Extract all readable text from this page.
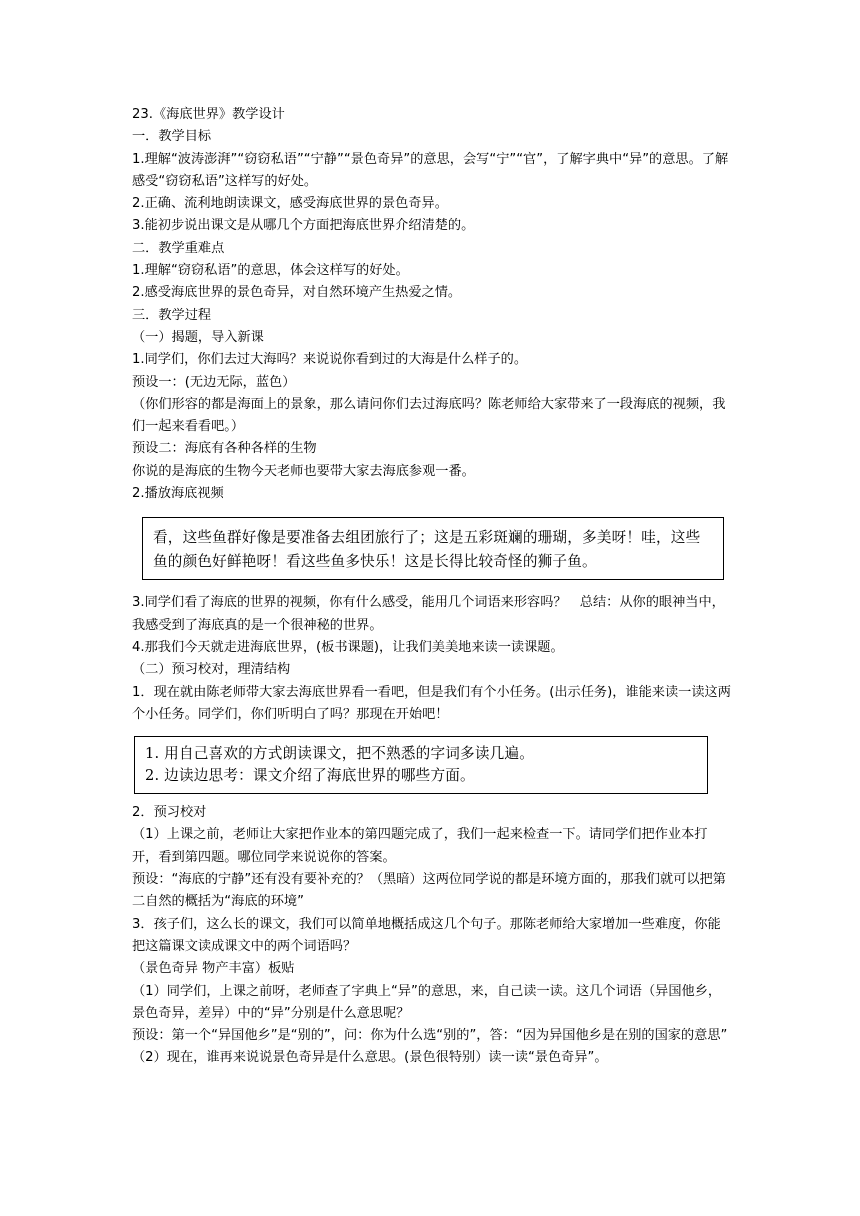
23.《海底世界》教学设计

一．教学目标

1.理解“波涛澎湃”“窃窃私语”“宁静”“景色奇异”的意思，会写“宁”“官”，了解字典中“异”的意思。了解感受“窃窃私语”这样写的好处。

2.正确、流利地朗读课文，感受海底世界的景色奇异。

3.能初步说出课文是从哪几个方面把海底世界介绍清楚的。

二．教学重难点

1.理解“窃窃私语”的意思，体会这样写的好处。

2.感受海底世界的景色奇异，对自然环境产生热爱之情。

三．教学过程

（一）揭题，导入新课

1.同学们，你们去过大海吗？来说说你看到过的大海是什么样子的。

预设一：(无边无际，蓝色）

（你们形容的都是海面上的景象，那么请问你们去过海底吗？陈老师给大家带来了一段海底的视频，我们一起来看看吧。）

预设二：海底有各种各样的生物

你说的是海底的生物今天老师也要带大家去海底参观一番。

2.播放海底视频

看，这些鱼群好像是要准备去组团旅行了；这是五彩斑斓的珊瑚，多美呀！哇，这些鱼的颜色好鲜艳呀！看这些鱼多快乐！这是长得比较奇怪的狮子鱼。

3.同学们看了海底的世界的视频，你有什么感受，能用几个词语来形容吗？　总结：从你的眼神当中，我感受到了海底真的是一个很神秘的世界。

4.那我们今天就走进海底世界，(板书课题)，让我们美美地来读一读课题。

（二）预习校对，理清结构

1．现在就由陈老师带大家去海底世界看一看吧，但是我们有个小任务。(出示任务)，谁能来读一读这两个小任务。同学们，你们听明白了吗？那现在开始吧！

1. 用自己喜欢的方式朗读课文，把不熟悉的字词多读几遍。

2. 边读边思考：课文介绍了海底世界的哪些方面。

2．预习校对

（1）上课之前，老师让大家把作业本的第四题完成了，我们一起来检查一下。请同学们把作业本打开，看到第四题。哪位同学来说说你的答案。

预设：“海底的宁静”还有没有要补充的？（黑暗）这两位同学说的都是环境方面的，那我们就可以把第二自然的概括为“海底的环境”

3．孩子们，这么长的课文，我们可以简单地概括成这几个句子。那陈老师给大家增加一些难度，你能把这篇课文读成课文中的两个词语吗？

（景色奇异 物产丰富）板贴

（1）同学们，上课之前呀，老师查了字典上“异”的意思，来，自己读一读。这几个词语（异国他乡，景色奇异，差异）中的“异”分别是什么意思呢？

预设：第一个“异国他乡”是“别的”，问：你为什么选“别的”，答：“因为异国他乡是在别的国家的意思”

（2）现在，谁再来说说景色奇异是什么意思。(景色很特别）读一读“景色奇异”。
